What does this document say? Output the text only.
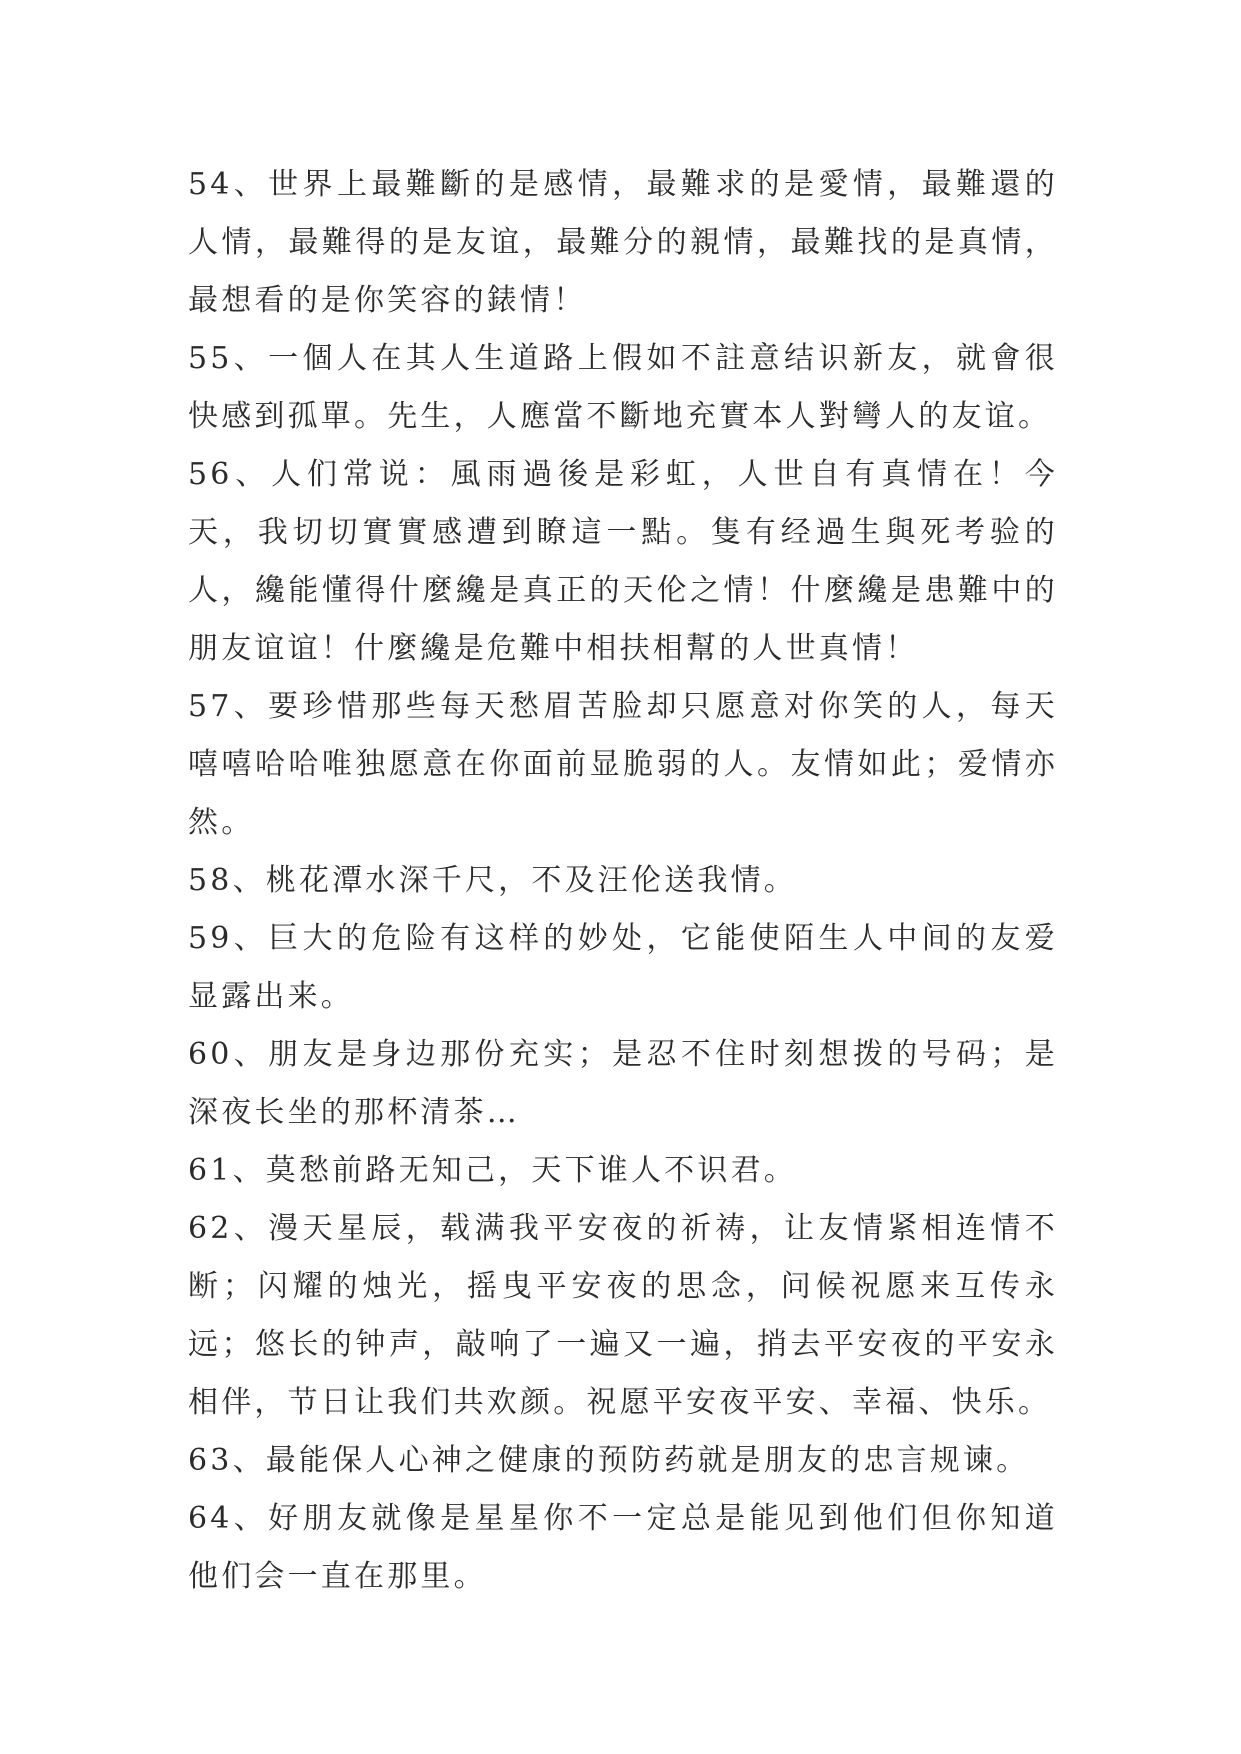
54、世界上最難斷的是感情，最難求的是愛情，最難還的人情，最難得的是友谊，最難分的親情，最難找的是真情，最想看的是你笑容的錶情！

55、一個人在其人生道路上假如不註意结识新友，就會很快感到孤單。先生，人應當不斷地充實本人對彎人的友谊。

56、人们常说：風雨過後是彩虹，人世自有真情在！今天，我切切實實感遭到瞭這一點。隻有经過生與死考验的人，纔能懂得什麼纔是真正的天伦之情！什麼纔是患難中的朋友谊谊！什麼纔是危難中相扶相幫的人世真情！

57、要珍惜那些每天愁眉苦脸却只愿意对你笑的人，每天嘻嘻哈哈唯独愿意在你面前显脆弱的人。友情如此；爱情亦然。

58、桃花潭水深千尺，不及汪伦送我情。

59、巨大的危险有这样的妙处，它能使陌生人中间的友爱显露出来。

60、朋友是身边那份充实；是忍不住时刻想拨的号码；是深夜长坐的那杯清茶…

61、莫愁前路无知己，天下谁人不识君。

62、漫天星辰，载满我平安夜的祈祷，让友情紧相连情不断；闪耀的烛光，摇曳平安夜的思念，问候祝愿来互传永远；悠长的钟声，敲响了一遍又一遍，捎去平安夜的平安永相伴，节日让我们共欢颜。祝愿平安夜平安、幸福、快乐。

63、最能保人心神之健康的预防药就是朋友的忠言规谏。

64、好朋友就像是星星你不一定总是能见到他们但你知道他们会一直在那里。
